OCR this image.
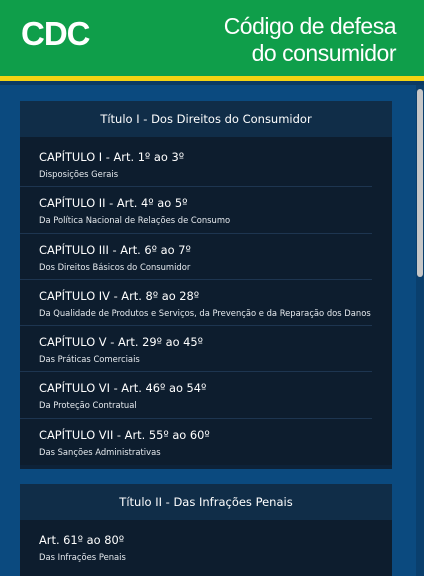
CDC	Código de defesa
do consumidor
Título I - Dos Direitos do Consumidor
CAPÍTULO I - Art. 1º ao 3º
Disposições Gerais
CAPÍTULO II - Art. 4º ao 5º
Da Política Nacional de Relações de Consumo
CAPÍTULO III - Art. 6º ao 7º
Dos Direitos Básicos do Consumidor
CAPÍTULO IV - Art. 8º ao 28º
Da Qualidade de Produtos e Serviços, da Prevenção e da Reparação dos Danos
CAPÍTULO V - Art. 29º ao 45º
Das Práticas Comerciais
CAPÍTULO VI - Art. 46º ao 54º
Da Proteção Contratual
CAPÍTULO VII - Art. 55º ao 60º
Das Sanções Administrativas
Título II - Das Infrações Penais
Art. 61º ao 80º
Das Infrações Penais
